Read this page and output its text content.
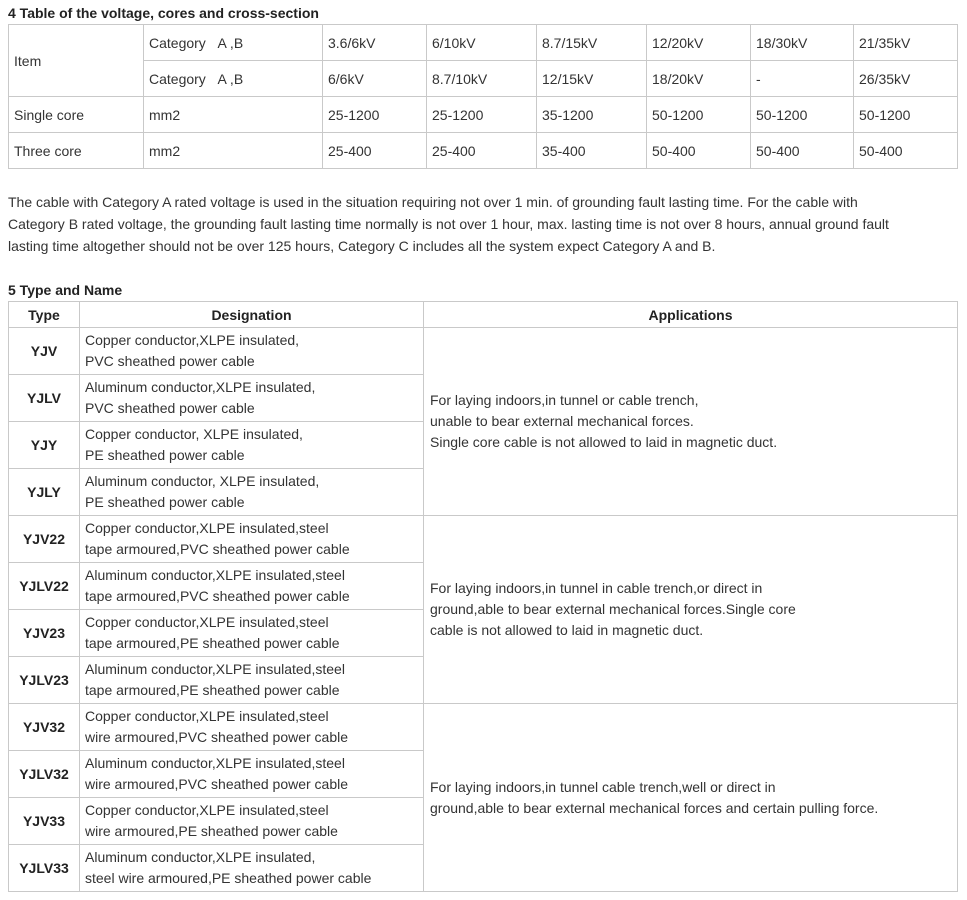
4 Table of the voltage, cores and cross-section
Item	Category   A ,B	3.6/6kV	6/10kV	8.7/15kV	12/20kV	18/30kV	21/35kV
	Category   A ,B	6/6kV	8.7/10kV	12/15kV	18/20kV	-	26/35kV
Single core	mm2	25-1200	25-1200	35-1200	50-1200	50-1200	50-1200
Three core	mm2	25-400	25-400	35-400	50-400	50-400	50-400
The cable with Category A rated voltage is used in the situation requiring not over 1 min. of grounding fault lasting time. For the cable with
Category B rated voltage, the grounding fault lasting time normally is not over 1 hour, max. lasting time is not over 8 hours, annual ground fault
lasting time altogether should not be over 125 hours, Category C includes all the system expect Category A and B.
5 Type and Name
Type	Designation	Applications
YJV	Copper conductor,XLPE insulated,
PVC sheathed power cable	For laying indoors,in tunnel or cable trench,
unable to bear external mechanical forces.
Single core cable is not allowed to laid in magnetic duct.

YJLV	Aluminum conductor,XLPE insulated,
PVC sheathed power cable	

YJY	Copper conductor, XLPE insulated,
PE sheathed power cable	

YJLY	Aluminum conductor, XLPE insulated,
PE sheathed power cable	

YJV22	Copper conductor,XLPE insulated,steel
tape armoured,PVC sheathed power cable	For laying indoors,in tunnel in cable trench,or direct in
ground,able to bear external mechanical forces.Single core
cable is not allowed to laid in magnetic duct.

YJLV22	Aluminum conductor,XLPE insulated,steel
tape armoured,PVC sheathed power cable	

YJV23	Copper conductor,XLPE insulated,steel
tape armoured,PE sheathed power cable	

YJLV23	Aluminum conductor,XLPE insulated,steel
tape armoured,PE sheathed power cable	

YJV32	Copper conductor,XLPE insulated,steel
wire armoured,PVC sheathed power cable	For laying indoors,in tunnel cable trench,well or direct in
ground,able to bear external mechanical forces and certain pulling force.

YJLV32	Aluminum conductor,XLPE insulated,steel
wire armoured,PVC sheathed power cable	

YJV33	Copper conductor,XLPE insulated,steel
wire armoured,PE sheathed power cable	

YJLV33	Aluminum conductor,XLPE insulated,
steel wire armoured,PE sheathed power cable	
